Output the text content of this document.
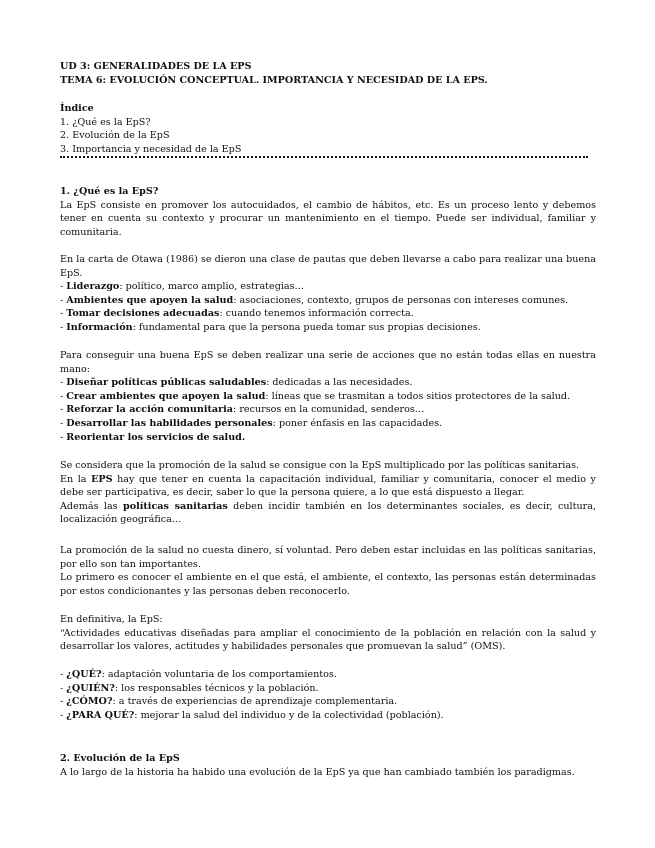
UD 3: GENERALIDADES DE LA EPS
TEMA 6: EVOLUCIÓN CONCEPTUAL. IMPORTANCIA Y NECESIDAD DE LA EPS.
Índice
1. ¿Qué es la EpS?
2. Evolución de la EpS
3. Importancia y necesidad de la EpS
1. ¿Qué es la EpS?

La EpS consiste en promover los autocuidados, el cambio de hábitos, etc. Es un proceso lento y debemos tener en cuenta su contexto y procurar un mantenimiento en el tiempo. Puede ser individual, familiar y comunitaria.

En la carta de Otawa (1986) se dieron una clase de pautas que deben llevarse a cabo para realizar una buena EpS.

- Liderazgo: político, marco amplio, estrategias…
- Ambientes que apoyen la salud: asociaciones, contexto, grupos de personas con intereses comunes.
- Tomar decisiones adecuadas: cuando tenemos información correcta.
- Información: fundamental para que la persona pueda tomar sus propias decisiones.

Para conseguir una buena EpS se deben realizar una serie de acciones que no están todas ellas en nuestra mano:

- Diseñar políticas públicas saludables: dedicadas a las necesidades.
- Crear ambientes que apoyen la salud: líneas que se trasmitan a todos sitios protectores de la salud.
- Reforzar la acción comunitaria: recursos en la comunidad, senderos…
- Desarrollar las habilidades personales: poner énfasis en las capacidades.
- Reorientar los servicios de salud.

Se considera que la promoción de la salud se consigue con la EpS multiplicado por las políticas sanitarias.

En la EPS hay que tener en cuenta la capacitación individual, familiar y comunitaria, conocer el medio y debe ser participativa, es decir, saber lo que la persona quiere, a lo que está dispuesto a llegar.

Además las políticas sanitarias deben incidir también en los determinantes sociales, es decir, cultura, localización geográfica…

La promoción de la salud no cuesta dinero, sí voluntad. Pero deben estar incluidas en las políticas sanitarias, por ello son tan importantes.

Lo primero es conocer el ambiente en el que está, el ambiente, el contexto, las personas están determinadas por estos condicionantes y las personas deben reconocerlo.

En definitiva, la EpS:

“Actividades educativas diseñadas para ampliar el conocimiento de la población en relación con la salud y desarrollar los valores, actitudes y habilidades personales que promuevan la salud” (OMS).

- ¿QUÉ?: adaptación voluntaria de los comportamientos.
- ¿QUIÉN?: los responsables técnicos y la población.
- ¿CÓMO?: a través de experiencias de aprendizaje complementaria.
- ¿PARA QUÉ?: mejorar la salud del individuo y de la colectividad (población).
2. Evolución de la EpS

A lo largo de la historia ha habido una evolución de la EpS ya que han cambiado también los paradigmas.
